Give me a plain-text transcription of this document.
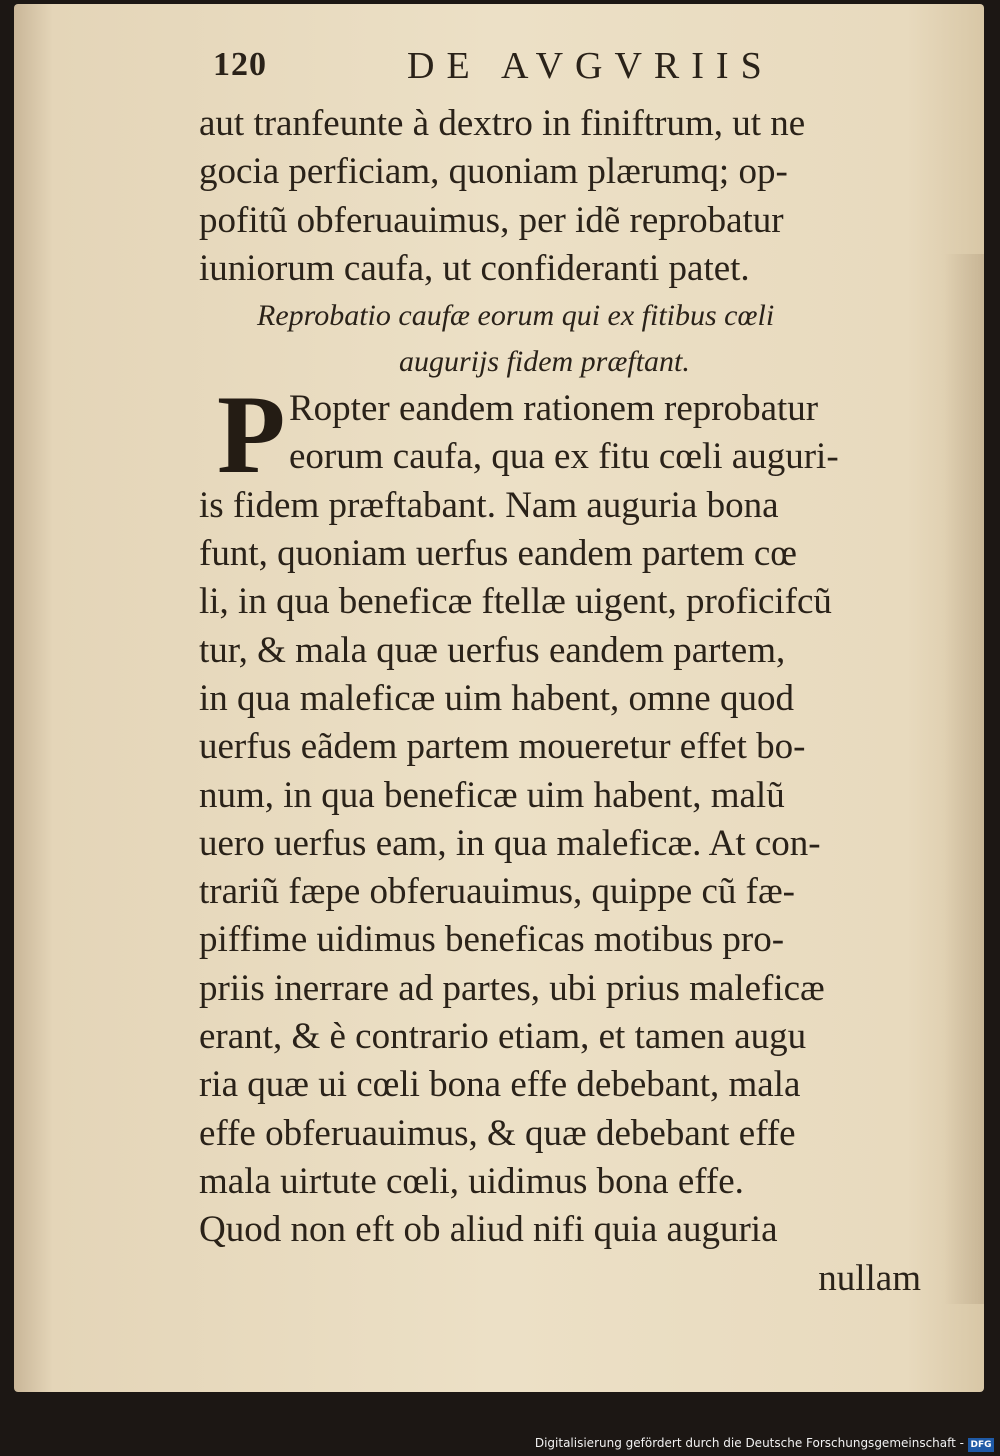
120	DE AVGVRIIS
aut tranfeunte à dextro in finiftrum, ut ne
gocia perficiam, quoniam plærumq; op-
pofitũ obferuauimus, per idẽ reprobatur
iuniorum caufa, ut confideranti patet.
Reprobatio caufæ eorum qui ex fitibus cœli
augurijs fidem præftant.
P Ropter eandem rationem reprobatur
eorum caufa, qua ex fitu cœli auguri-
is fidem præftabant. Nam auguria bona
funt, quoniam uerfus eandem partem cœ
li, in qua beneficæ ftellæ uigent, proficifcũ
tur, & mala quæ uerfus eandem partem,
in qua maleficæ uim habent, omne quod
uerfus eãdem partem moueretur effet bo-
num, in qua beneficæ uim habent, malũ
uero uerfus eam, in qua maleficæ. At con-
trariũ fæpe obferuauimus, quippe cũ fæ-
piffime uidimus beneficas motibus pro-
priis inerrare ad partes, ubi prius maleficæ
erant, & è contrario etiam, et tamen augu
ria quæ ui cœli bona effe debebant, mala
effe obferuauimus, & quæ debebant effe
mala uirtute cœli, uidimus bona effe.
Quod non eft ob aliud nifi quia auguria
nullam
Digitalisierung gefördert durch die Deutsche Forschungsgemeinschaft - DFG
